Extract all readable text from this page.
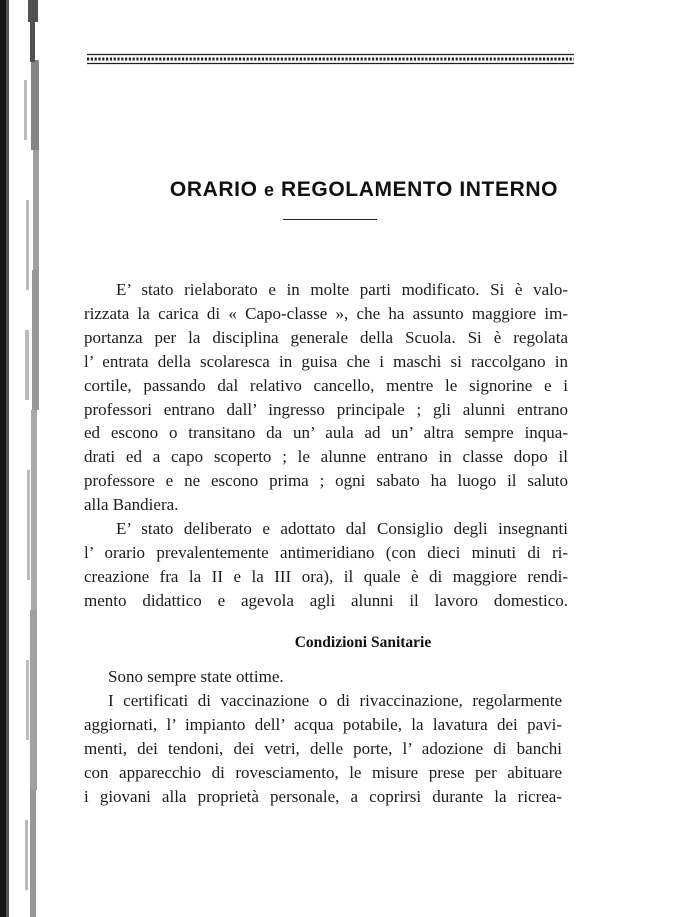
ORARIO e REGOLAMENTO INTERNO
E’ stato rielaborato e in molte parti modificato. Si è valo-
rizzata la carica di « Capo-classe », che ha assunto maggiore im-
portanza per la disciplina generale della Scuola. Si è regolata
l’ entrata della scolaresca in guisa che i maschi si raccolgano in
cortile, passando dal relativo cancello, mentre le signorine e i
professori entrano dall’ ingresso principale ; gli alunni entrano
ed escono o transitano da un’ aula ad un’ altra sempre inqua-
drati ed a capo scoperto ; le alunne entrano in classe dopo il
professore e ne escono prima ; ogni sabato ha luogo il saluto
alla Bandiera.
E’ stato deliberato e adottato dal Consiglio degli insegnanti
l’ orario prevalentemente antimeridiano (con dieci minuti di ri-
creazione fra la II e la III ora), il quale è di maggiore rendi-
mento didattico e agevola agli alunni il lavoro domestico.
Condizioni Sanitarie
Sono sempre state ottime.
I certificati di vaccinazione o di rivaccinazione, regolarmente
aggiornati, l’ impianto dell’ acqua potabile, la lavatura dei pavi-
menti, dei tendoni, dei vetri, delle porte, l’ adozione di banchi
con apparecchio di rovesciamento, le misure prese per abituare
i giovani alla proprietà personale, a coprirsi durante la ricrea-
